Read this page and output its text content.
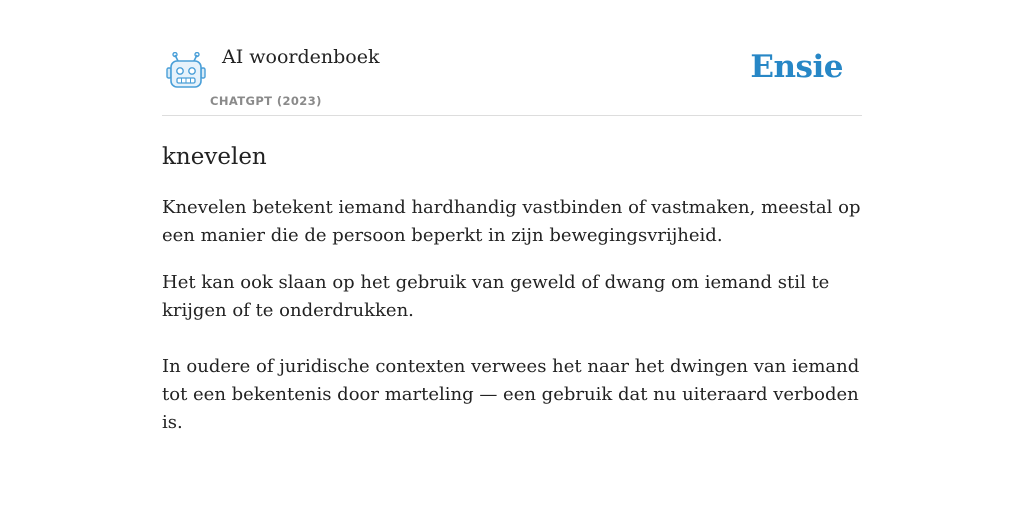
AI woordenboek
CHATGPT (2023)
Ensie
knevelen

Knevelen betekent iemand hardhandig vastbinden of vastmaken, meestal op een manier die de persoon beperkt in zijn bewegingsvrijheid.

Het kan ook slaan op het gebruik van geweld of dwang om iemand stil te krijgen of te onderdrukken.

In oudere of juridische contexten verwees het naar het dwingen van iemand tot een bekentenis door marteling — een gebruik dat nu uiteraard verboden is.
